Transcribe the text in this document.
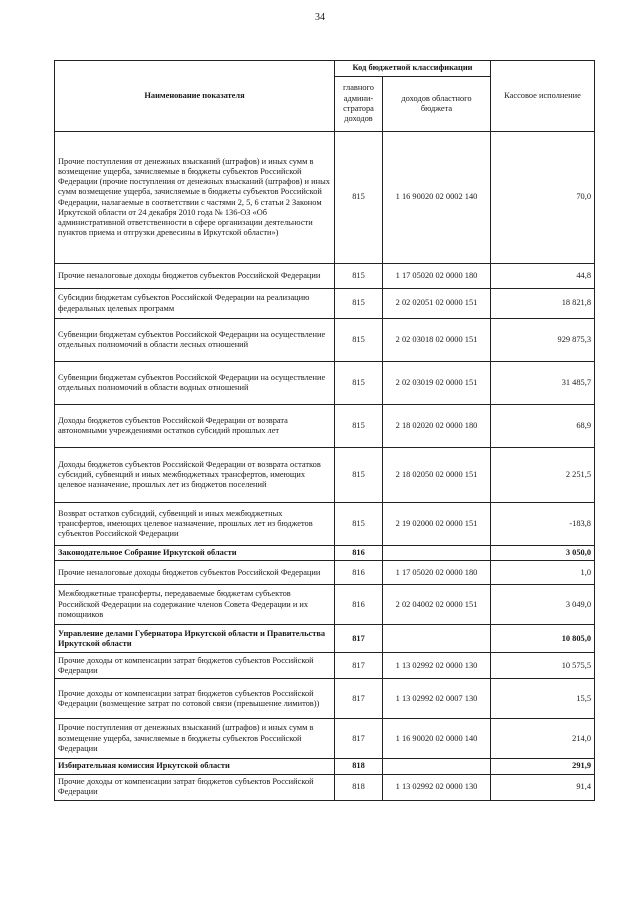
34
Наименование показателя	Код бюджетной классификации		Кассовое исполнение
	главного админи-стратора доходов	доходов областного бюджета	
Прочие поступления от денежных взысканий (штрафов) и иных сумм в возмещение ущерба, зачисляемые в бюджеты субъектов Российской Федерации (прочие поступления от денежных взысканий (штрафов) и иных сумм возмещение ущерба, зачисляемые в бюджеты субъектов Российской Федерации, налагаемые в соответствии с частями 2, 5, 6 статьи 2 Законом Иркутской области от 24 декабря 2010 года № 136-ОЗ «Об административной ответственности в сфере организации деятельности пунктов приема и отгрузки древесины в Иркутской области»)	815	1 16 90020 02 0002 140	70,0
Прочие неналоговые доходы бюджетов субъектов Российской Федерации	815	1 17 05020 02 0000 180	44,8
Субсидии бюджетам субъектов Российской Федерации на реализацию федеральных целевых программ	815	2 02 02051 02 0000 151	18 821,8
Субвенции бюджетам субъектов Российской Федерации на осуществление отдельных полномочий в области лесных отношений	815	2 02 03018 02 0000 151	929 875,3
Субвенции бюджетам субъектов Российской Федерации на осуществление отдельных полномочий в области водных отношений	815	2 02 03019 02 0000 151	31 485,7
Доходы бюджетов субъектов Российской Федерации от возврата автономными учреждениями остатков субсидий прошлых лет	815	2 18 02020 02 0000 180	68,9
Доходы бюджетов субъектов Российской Федерации от возврата остатков субсидий, субвенций и иных межбюджетных трансфертов, имеющих целевое назначение, прошлых лет из бюджетов поселений	815	2 18 02050 02 0000 151	2 251,5
Возврат остатков субсидий, субвенций и иных межбюджетных трансфертов, имеющих целевое назначение, прошлых лет из бюджетов субъектов Российской Федерации	815	2 19 02000 02 0000 151	-183,8
Законодательное Собрание Иркутской области	816		3 050,0
Прочие неналоговые доходы бюджетов субъектов Российской Федерации	816	1 17 05020 02 0000 180	1,0
Межбюджетные трансферты, передаваемые бюджетам субъектов Российской Федерации на содержание членов Совета Федерации и их помощников	816	2 02 04002 02 0000 151	3 049,0
Управление делами Губернатора Иркутской области и Правительства Иркутской области	817		10 805,0
Прочие доходы от компенсации затрат бюджетов субъектов Российской Федерации	817	1 13 02992 02 0000 130	10 575,5
Прочие доходы от компенсации затрат бюджетов субъектов Российской Федерации (возмещение затрат по сотовой связи (превышение лимитов))	817	1 13 02992 02 0007 130	15,5
Прочие поступления от денежных взысканий (штрафов) и иных сумм в возмещение ущерба, зачисляемые в бюджеты субъектов Российской Федерации	817	1 16 90020 02 0000 140	214,0
Избирательная комиссия Иркутской области	818		291,9
Прочие доходы от компенсации затрат бюджетов субъектов Российской Федерации	818	1 13 02992 02 0000 130	91,4
